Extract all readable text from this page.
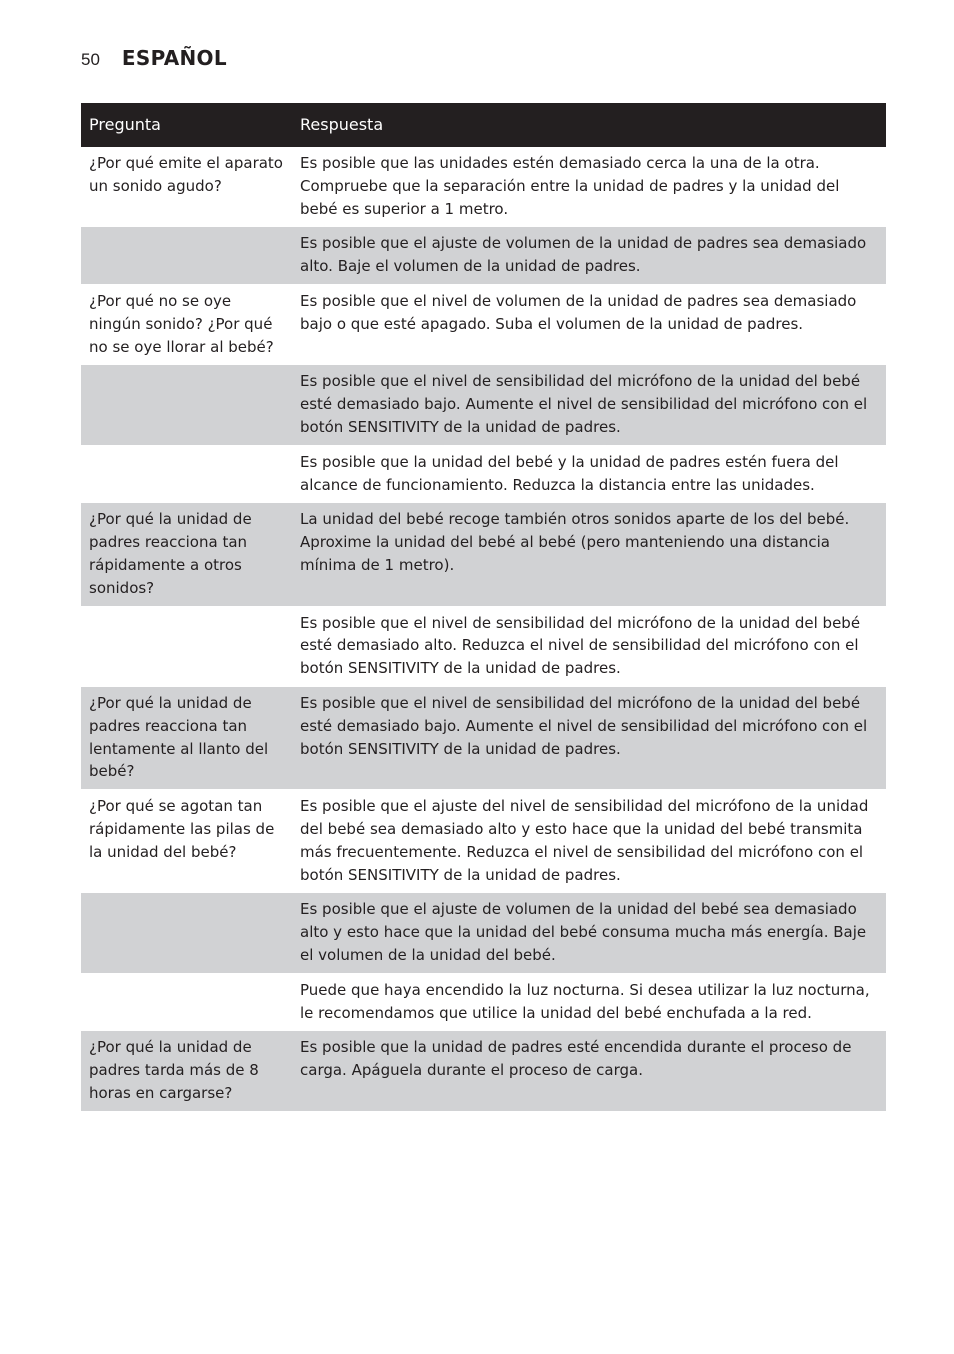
50 ESPAÑOL
Pregunta	Respuesta
¿Por qué emite el aparato un sonido agudo?	Es posible que las unidades estén demasiado cerca la una de la otra. Compruebe que la separación entre la unidad de padres y la unidad del bebé es superior a 1 metro.
	Es posible que el ajuste de volumen de la unidad de padres sea demasiado alto. Baje el volumen de la unidad de padres.
¿Por qué no se oye ningún sonido? ¿Por qué no se oye llorar al bebé?	Es posible que el nivel de volumen de la unidad de padres sea demasiado bajo o que esté apagado. Suba el volumen de la unidad de padres.
	Es posible que el nivel de sensibilidad del micrófono de la unidad del bebé esté demasiado bajo. Aumente el nivel de sensibilidad del micrófono con el botón SENSITIVITY de la unidad de padres.
	Es posible que la unidad del bebé y la unidad de padres estén fuera del alcance de funcionamiento. Reduzca la distancia entre las unidades.
¿Por qué la unidad de padres reacciona tan rápidamente a otros sonidos?	La unidad del bebé recoge también otros sonidos aparte de los del bebé. Aproxime la unidad del bebé al bebé (pero manteniendo una distancia mínima de 1 metro).
	Es posible que el nivel de sensibilidad del micrófono de la unidad del bebé esté demasiado alto. Reduzca el nivel de sensibilidad del micrófono con el botón SENSITIVITY de la unidad de padres.
¿Por qué la unidad de padres reacciona tan lentamente al llanto del bebé?	Es posible que el nivel de sensibilidad del micrófono de la unidad del bebé esté demasiado bajo. Aumente el nivel de sensibilidad del micrófono con el botón SENSITIVITY de la unidad de padres.
¿Por qué se agotan tan rápidamente las pilas de la unidad del bebé?	Es posible que el ajuste del nivel de sensibilidad del micrófono de la unidad del bebé sea demasiado alto y esto hace que la unidad del bebé transmita más frecuentemente. Reduzca el nivel de sensibilidad del micrófono con el botón SENSITIVITY de la unidad de padres.
	Es posible que el ajuste de volumen de la unidad del bebé sea demasiado alto y esto hace que la unidad del bebé consuma mucha más energía. Baje el volumen de la unidad del bebé.
	Puede que haya encendido la luz nocturna. Si desea utilizar la luz nocturna, le recomendamos que utilice la unidad del bebé enchufada a la red.
¿Por qué la unidad de padres tarda más de 8 horas en cargarse?	Es posible que la unidad de padres esté encendida durante el proceso de carga. Apáguela durante el proceso de carga.
